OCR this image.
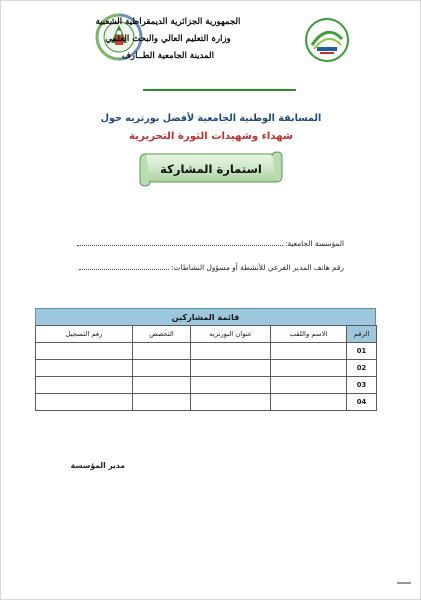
الجمهورية الجزائرية الديمقراطية الشعبية
وزارة التعليم العالي والبحث العلمي
المدينة الجامعية الطــارف
المسابقة الوطنية الجامعية لأفضل بورتريه حول
شهداء وشهيدات الثورة التحريرية
استمارة المشاركة
المؤسسة الجامعية:
رقم هاتف المدير الفرعي للأنشطة أو مسؤول النشاطات:
قائمة المشاركين
الرقم	الاسم واللقب	عنوان البورتريه	التخصص	رقم التسجيل
01				
02				
03				
04				
مدير المؤسسة
